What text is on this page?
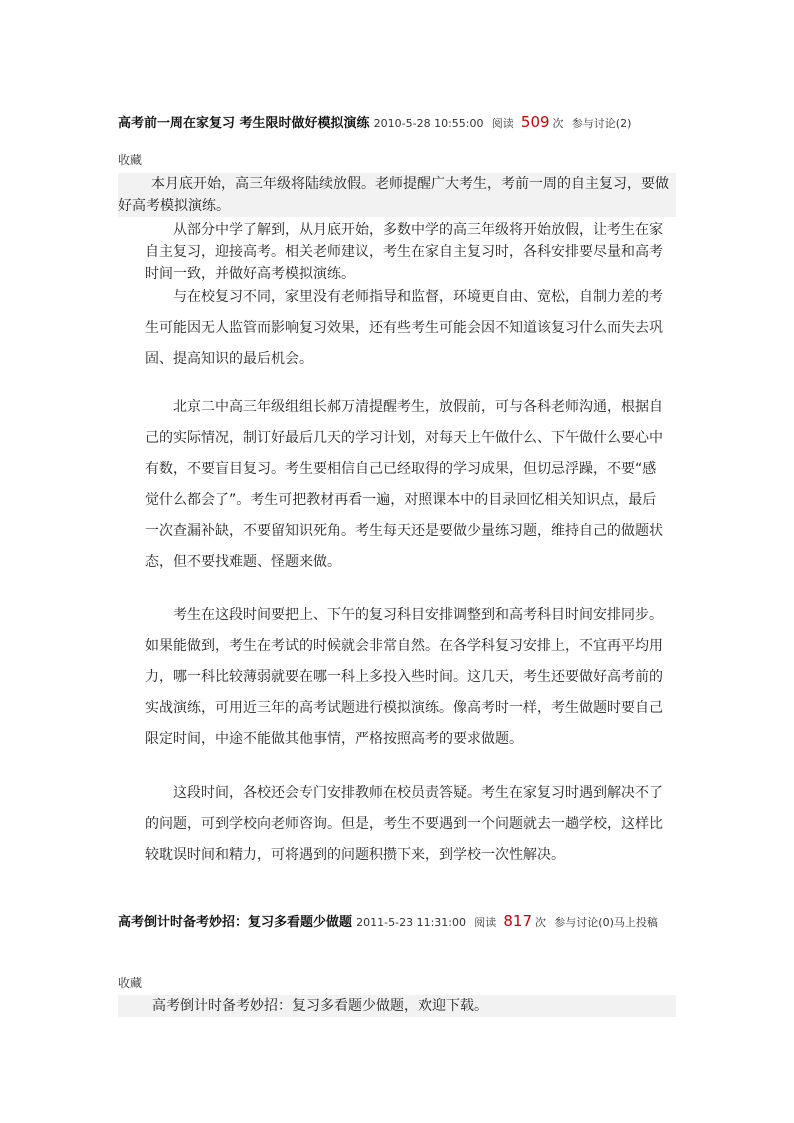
高考前一周在家复习 考生限时做好模拟演练 2010-5-28 10:55:00 阅读 509 次 参与讨论(2)
收藏
本月底开始，高三年级将陆续放假。老师提醒广大考生，考前一周的自主复习，要做好高考模拟演练。
从部分中学了解到，从月底开始，多数中学的高三年级将开始放假，让考生在家自主复习，迎接高考。相关老师建议，考生在家自主复习时，各科安排要尽量和高考时间一致，并做好高考模拟演练。
与在校复习不同，家里没有老师指导和监督，环境更自由、宽松，自制力差的考生可能因无人监管而影响复习效果，还有些考生可能会因不知道该复习什么而失去巩固、提高知识的最后机会。
北京二中高三年级组组长郝万清提醒考生，放假前，可与各科老师沟通，根据自己的实际情况，制订好最后几天的学习计划，对每天上午做什么、下午做什么要心中有数，不要盲目复习。考生要相信自己已经取得的学习成果，但切忌浮躁，不要“感觉什么都会了”。考生可把教材再看一遍，对照课本中的目录回忆相关知识点，最后一次查漏补缺，不要留知识死角。考生每天还是要做少量练习题，维持自己的做题状态，但不要找难题、怪题来做。
考生在这段时间要把上、下午的复习科目安排调整到和高考科目时间安排同步。如果能做到，考生在考试的时候就会非常自然。在各学科复习安排上，不宜再平均用力，哪一科比较薄弱就要在哪一科上多投入些时间。这几天，考生还要做好高考前的实战演练，可用近三年的高考试题进行模拟演练。像高考时一样，考生做题时要自己限定时间，中途不能做其他事情，严格按照高考的要求做题。
这段时间，各校还会专门安排教师在校员责答疑。考生在家复习时遇到解决不了的问题，可到学校向老师咨询。但是，考生不要遇到一个问题就去一趟学校，这样比较耽误时间和精力，可将遇到的问题积攒下来，到学校一次性解决。
高考倒计时备考妙招：复习多看题少做题 2011-5-23 11:31:00 阅读 817 次 参与讨论(0)马上投稿
收藏
高考倒计时备考妙招：复习多看题少做题，欢迎下载。
